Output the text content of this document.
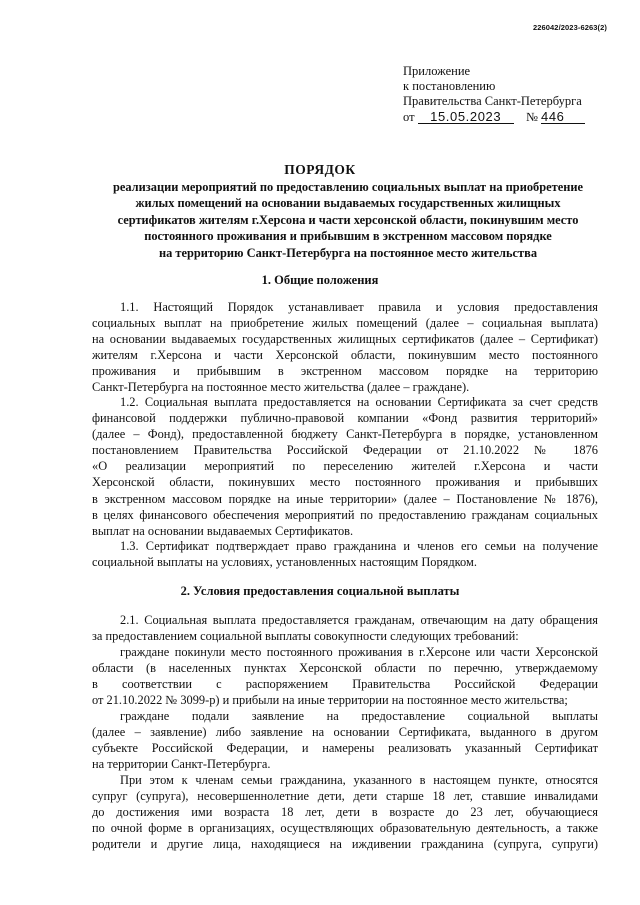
226042/2023-6263(2)
Приложение
к постановлению
Правительства Санкт-Петербурга
от 15.05.2023 № 446
ПОРЯДОК
реализации мероприятий по предоставлению социальных выплат на приобретение
жилых помещений на основании выдаваемых государственных жилищных
сертификатов жителям г.Херсона и части херсонской области, покинувшим место
постоянного проживания и прибывшим в экстренном массовом порядке
на территорию Санкт-Петербурга на постоянное место жительства
1. Общие положения
1.1. Настоящий Порядок устанавливает правила и условия предоставления
социальных выплат на приобретение жилых помещений (далее – социальная выплата)
на основании выдаваемых государственных жилищных сертификатов (далее – Сертификат)
жителям г.Херсона и части Херсонской области, покинувшим место постоянного
проживания и прибывшим в экстренном массовом порядке на территорию
Санкт-Петербурга на постоянное место жительства (далее – граждане).
1.2. Социальная выплата предоставляется на основании Сертификата за счет средств
финансовой поддержки публично-правовой компании «Фонд развития территорий»
(далее – Фонд), предоставленной бюджету Санкт-Петербурга в порядке, установленном
постановлением Правительства Российской Федерации от 21.10.2022 № 1876
«О реализации мероприятий по переселению жителей г.Херсона и части
Херсонской области, покинувших место постоянного проживания и прибывших
в экстренном массовом порядке на иные территории» (далее – Постановление № 1876),
в целях финансового обеспечения мероприятий по предоставлению гражданам социальных
выплат на основании выдаваемых Сертификатов.
1.3. Сертификат подтверждает право гражданина и членов его семьи на получение
социальной выплаты на условиях, установленных настоящим Порядком.
2. Условия предоставления социальной выплаты
2.1. Социальная выплата предоставляется гражданам, отвечающим на дату обращения
за предоставлением социальной выплаты совокупности следующих требований:
граждане покинули место постоянного проживания в г.Херсоне или части Херсонской
области (в населенных пунктах Херсонской области по перечню, утверждаемому
в соответствии с распоряжением Правительства Российской Федерации
от 21.10.2022 № 3099-р) и прибыли на иные территории на постоянное место жительства;
граждане подали заявление на предоставление социальной выплаты
(далее – заявление) либо заявление на основании Сертификата, выданного в другом
субъекте Российской Федерации, и намерены реализовать указанный Сертификат
на территории Санкт-Петербурга.
При этом к членам семьи гражданина, указанного в настоящем пункте, относятся
супруг (супруга), несовершеннолетние дети, дети старше 18 лет, ставшие инвалидами
до достижения ими возраста 18 лет, дети в возрасте до 23 лет, обучающиеся
по очной форме в организациях, осуществляющих образовательную деятельность, а также
родители и другие лица, находящиеся на иждивении гражданина (супруга, супруги)
